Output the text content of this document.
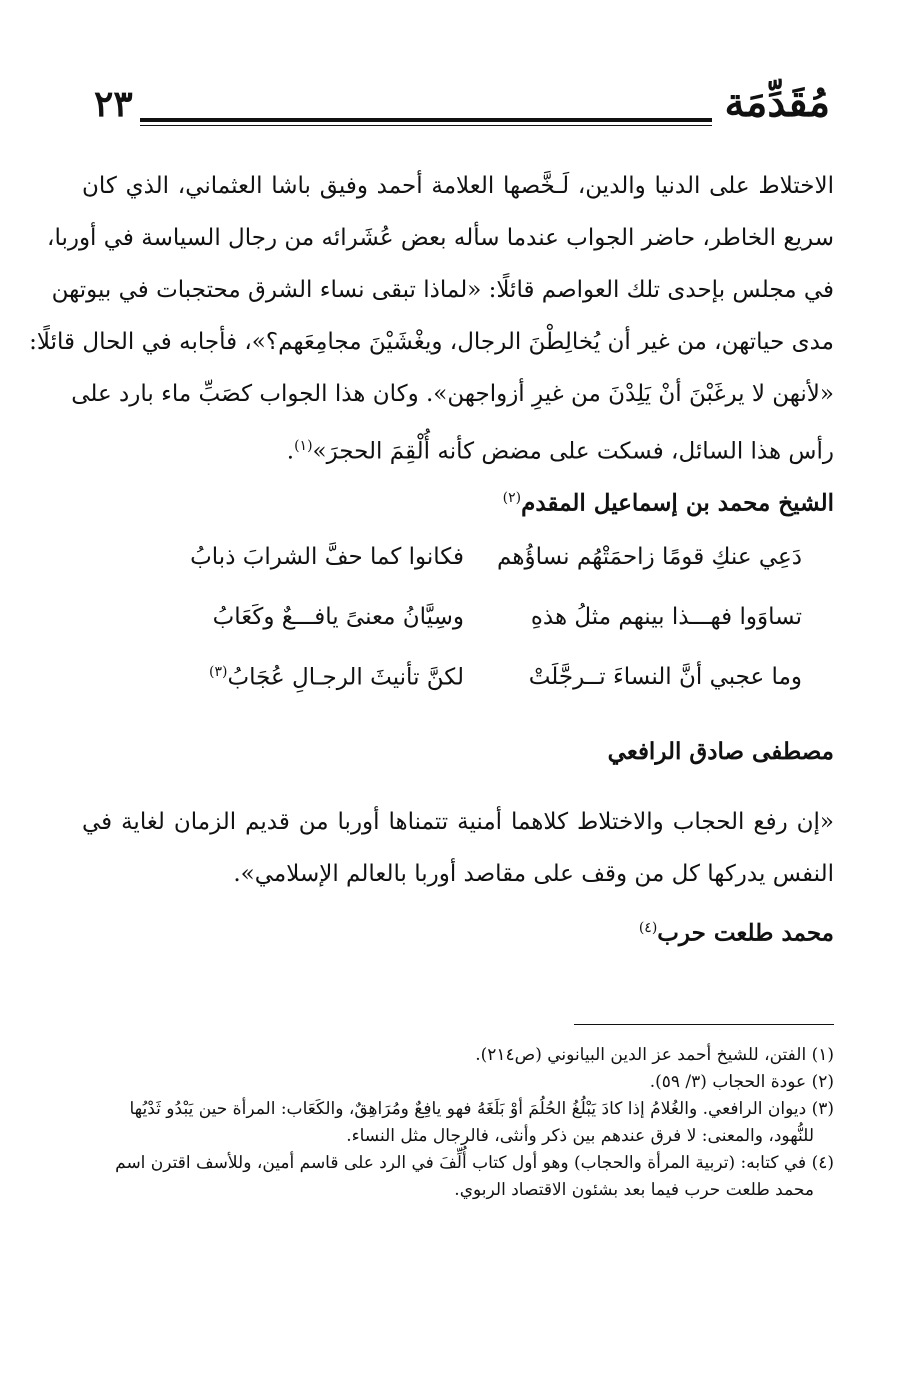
مُقَدِّمَة
٢٣
الاختلاط على الدنيا والدين، لَـخَّصها العلامة أحمد وفيق باشا العثماني، الذي كان
سريع الخاطر، حاضر الجواب عندما سأله بعض عُشَرائه من رجال السياسة في أوربا،
في مجلس بإحدى تلك العواصم قائلًا: «لماذا تبقى نساء الشرق محتجبات في بيوتهن
مدى حياتهن، من غير أن يُخالِطْنَ الرجال، ويغْشَيْنَ مجامِعَهم؟»، فأجابه في الحال قائلًا:
«لأنهن لا يرغَبْنَ أنْ يَلِدْنَ من غيرِ أزواجهن». وكان هذا الجواب كصَبِّ ماء بارد على
رأس هذا السائل، فسكت على مضض كأنه أُلْقِمَ الحجرَ»$^{(١)}$.
الشيخ محمد بن إسماعيل المقدم$^{(٢)}$
دَعِي عنكِ قومًا زاحمَتْهُم نساؤُهم
فكانوا كما حفَّ الشرابَ ذبابُ
تساوَوا فهـــذا بينهم مثلُ هذهِ
وسِيَّانُ معنىً يافـــعٌ وكَعَابُ
وما عجبي أنَّ النساءَ تــرجَّلَتْ
لكنَّ تأنيثَ الرجـالِ عُجَابُ$^{(٣)}$
مصطفى صادق الرافعي
«إن رفع الحجاب والاختلاط كلاهما أمنية تتمناها أوربا من قديم الزمان لغاية في
النفس يدركها كل من وقف على مقاصد أوربا بالعالم الإسلامي».
محمد طلعت حرب$^{(٤)}$
(١) الفتن، للشيخ أحمد عز الدين البيانوني (ص٢١٤).
(٢) عودة الحجاب (٣/ ٥٩).
(٣) ديوان الرافعي. والغُلامُ إذا كادَ يَبْلُغُ الحُلُمَ أوْ بَلَغَهُ فهو يافِعٌ ومُرَاهِقٌ، والكَعَاب: المرأة حين يَبْدُو ثَدْيُها
للنُّهود، والمعنى: لا فرق عندهم بين ذكر وأنثى، فالرجال مثل النساء.
(٤) في كتابه: (تربية المرأة والحجاب) وهو أول كتاب أُلِّفَ في الرد على قاسم أمين، وللأسف اقترن اسم
محمد طلعت حرب فيما بعد بشئون الاقتصاد الربوي.
